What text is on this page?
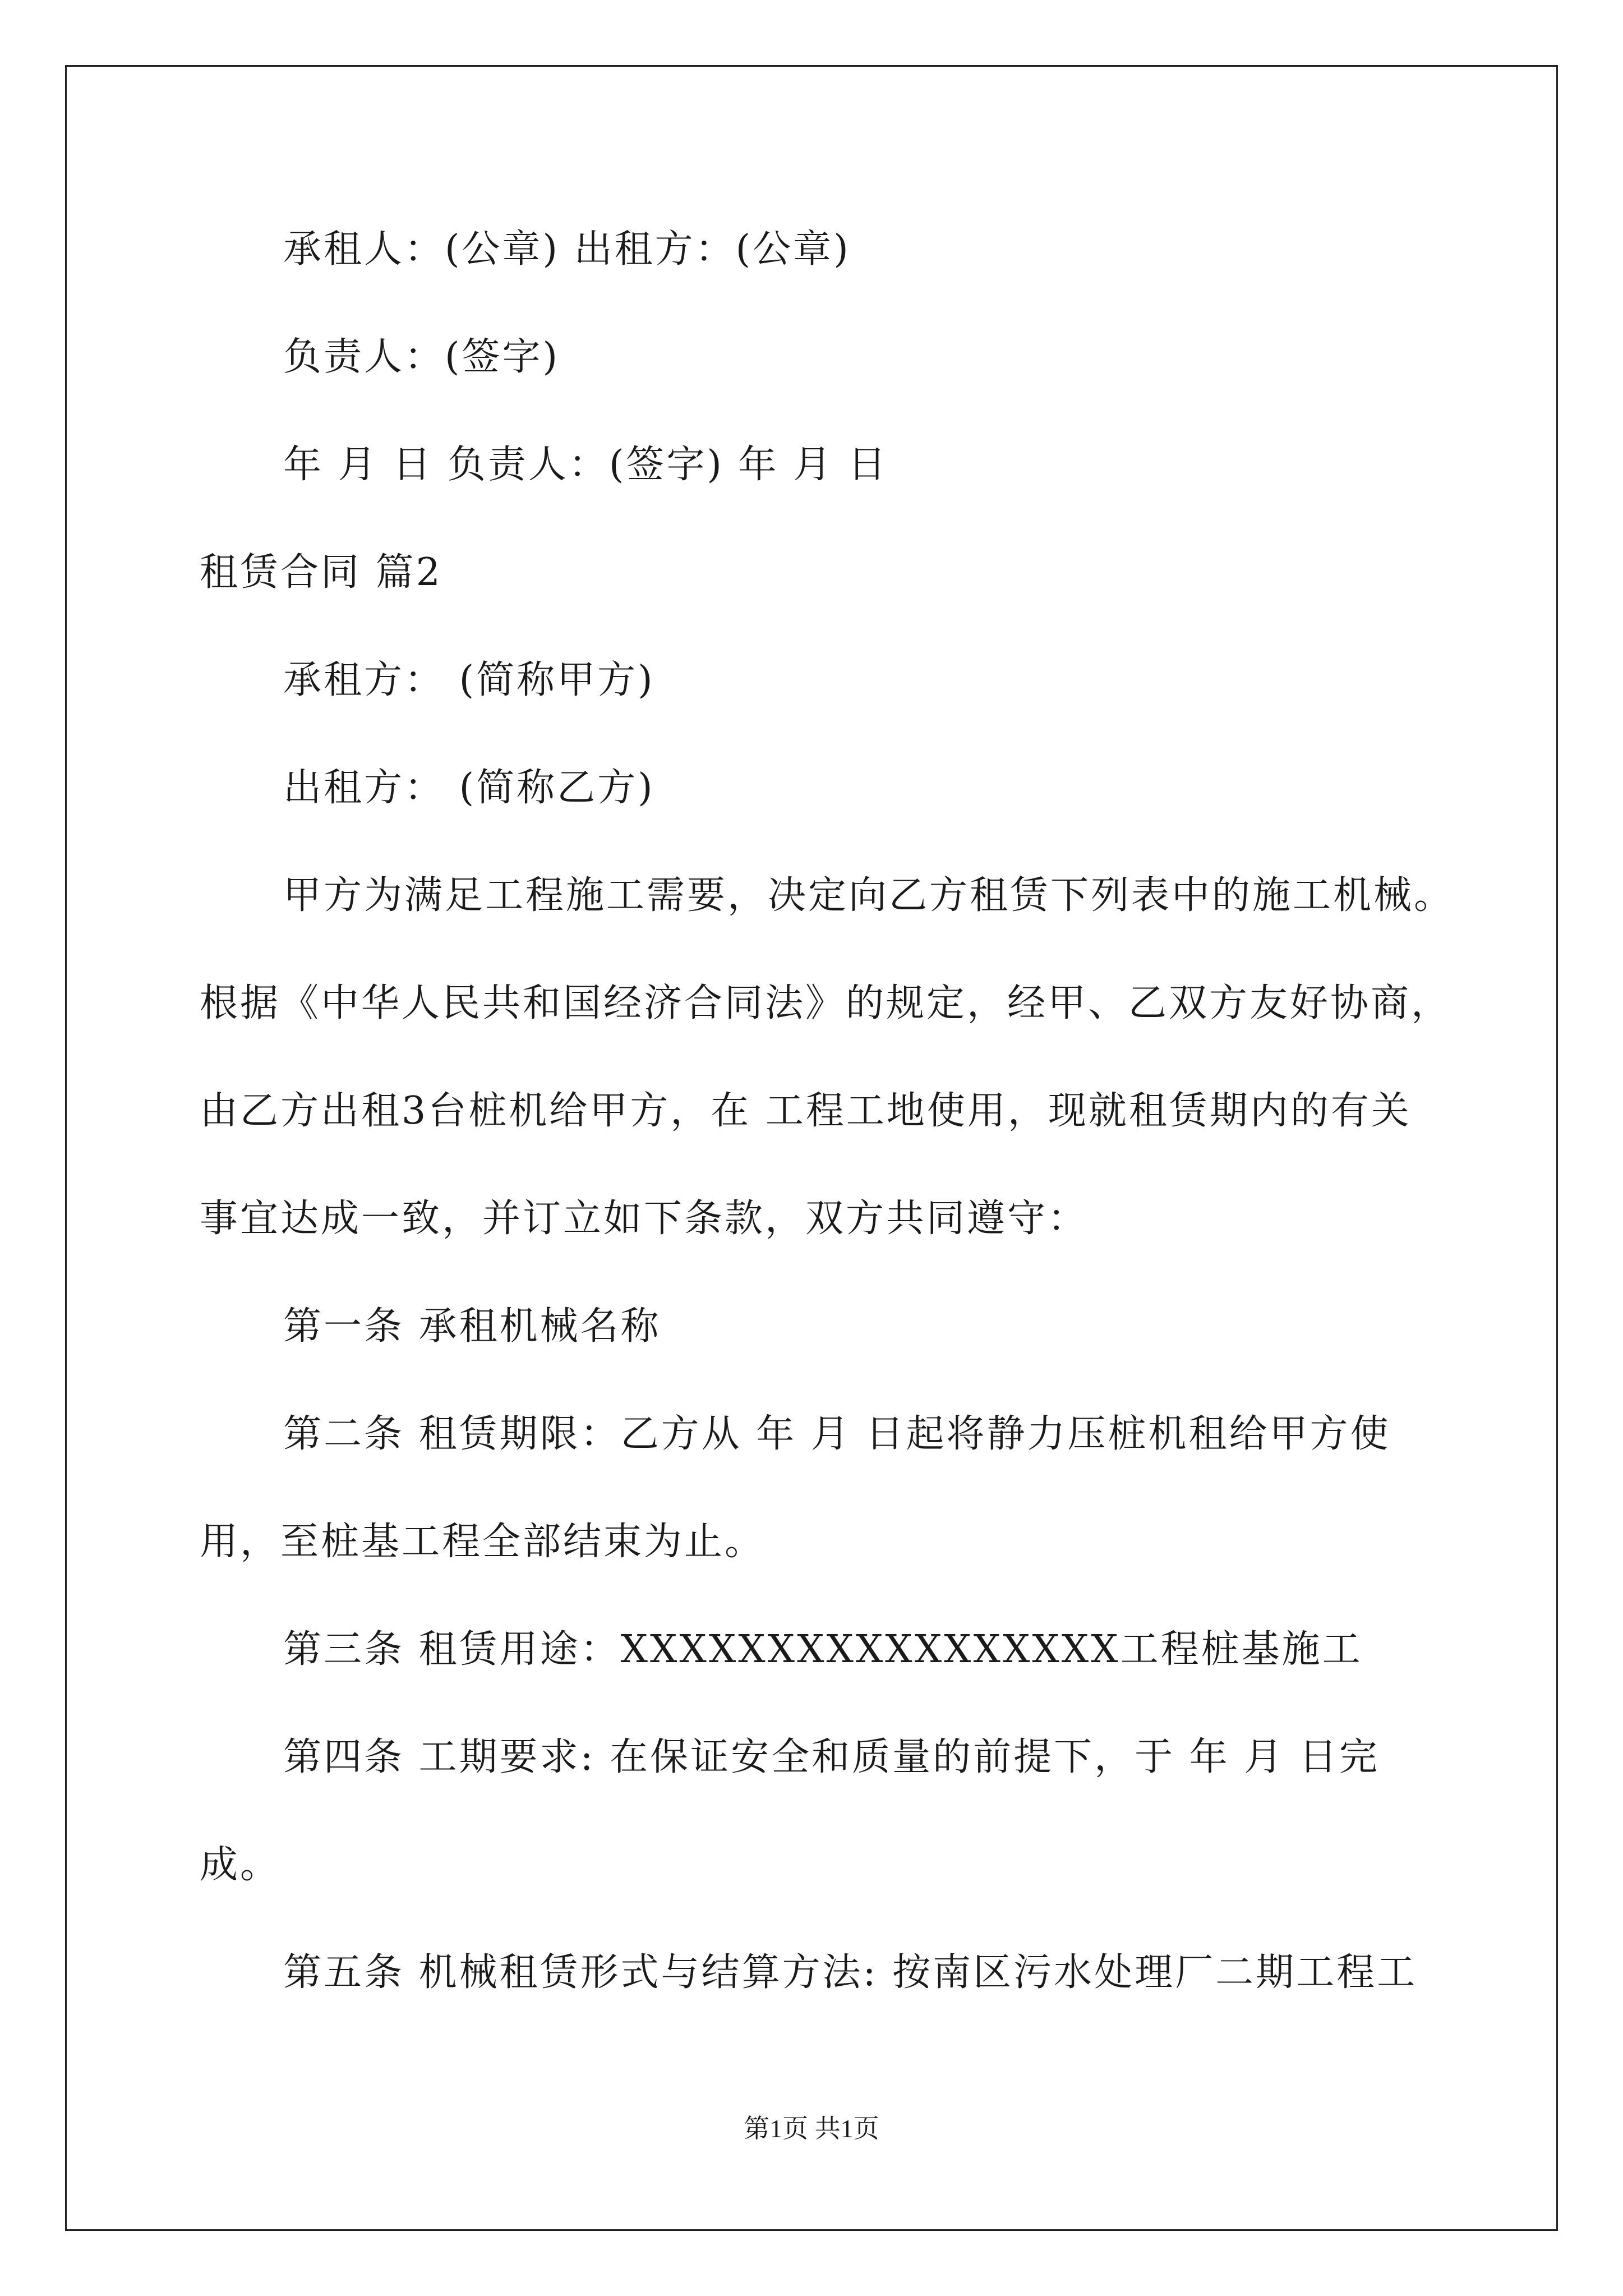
承租人：(公章) 出租方：(公章)
负责人：(签字)
年 月 日 负责人：(签字) 年 月 日
租赁合同 篇2
承租方： (简称甲方)
出租方： (简称乙方)
甲方为满足工程施工需要，决定向乙方租赁下列表中的施工机械。
根据《中华人民共和国经济合同法》的规定，经甲、乙双方友好协商，
由乙方出租3台桩机给甲方，在 工程工地使用，现就租赁期内的有关
事宜达成一致，并订立如下条款，双方共同遵守：
第一条 承租机械名称
第二条 租赁期限：乙方从 年 月 日起将静力压桩机租给甲方使
用，至桩基工程全部结束为止。
第三条 租赁用途：XXXXXXXXXXXXXXXXX工程桩基施工
第四条 工期要求: 在保证安全和质量的前提下，于 年 月 日完
成。
第五条 机械租赁形式与结算方法: 按南区污水处理厂二期工程工
第1页 共1页
